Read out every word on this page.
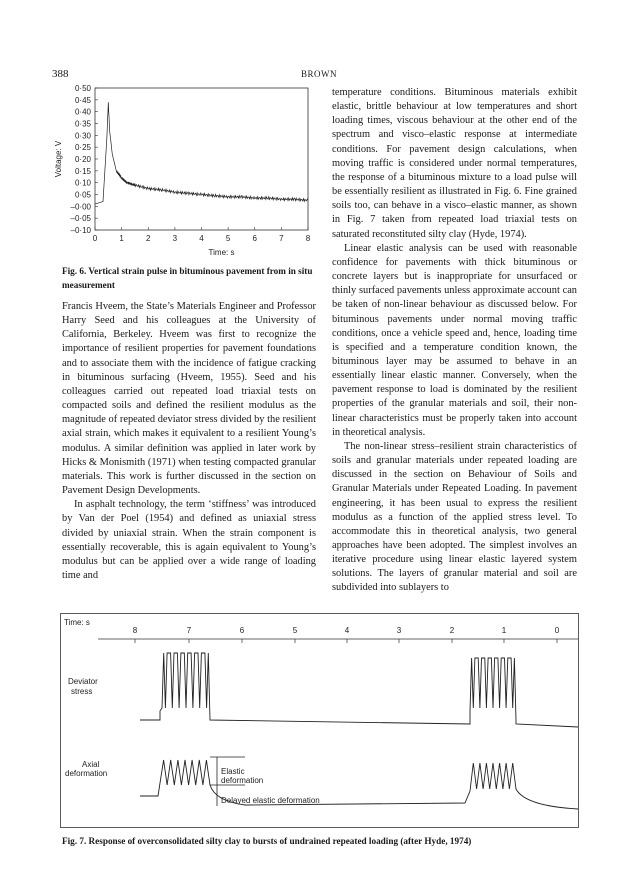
388	BROWN
0·50
0·45
0·40
0·35
0·30
0·25
0·20
0·15
0·10
0·05
–0·00
–0·05
–0·10
0	1	2	3	4	5	6	7	8
Time: s
Voltage: V
Fig. 6. Vertical strain pulse in bituminous pavement from in situ measurement

Francis Hveem, the State’s Materials Engineer and Professor Harry Seed and his colleagues at the University of California, Berkeley. Hveem was first to recognize the importance of resilient properties for pavement foundations and to associate them with the incidence of fatigue cracking in bituminous surfacing (Hveem, 1955). Seed and his colleagues carried out repeated load triaxial tests on compacted soils and defined the resilient modulus as the magnitude of repeated deviator stress divided by the resilient axial strain, which makes it equivalent to a resilient Young’s modulus. A similar definition was applied in later work by Hicks & Monismith (1971) when testing compacted granular materials. This work is further discussed in the section on Pavement Design Developments.

In asphalt technology, the term ‘stiffness’ was introduced by Van der Poel (1954) and defined as uniaxial stress divided by uniaxial strain. When the strain component is essentially recoverable, this is again equivalent to Young’s modulus but can be applied over a wide range of loading time and

temperature conditions. Bituminous materials exhibit elastic, brittle behaviour at low temperatures and short loading times, viscous behaviour at the other end of the spectrum and visco–elastic response at intermediate conditions. For pavement design calculations, when moving traffic is considered under normal temperatures, the response of a bituminous mixture to a load pulse will be essentially resilient as illustrated in Fig. 6. Fine grained soils too, can behave in a visco–elastic manner, as shown in Fig. 7 taken from repeated load triaxial tests on saturated reconstituted silty clay (Hyde, 1974).

Linear elastic analysis can be used with reasonable confidence for pavements with thick bituminous or concrete layers but is inappropriate for unsurfaced or thinly surfaced pavements unless approximate account can be taken of non-linear behaviour as discussed below. For bituminous pavements under normal moving traffic conditions, once a vehicle speed and, hence, loading time is specified and a temperature condition known, the bituminous layer may be assumed to behave in an essentially linear elastic manner. Conversely, when the pavement response to load is dominated by the resilient properties of the granular materials and soil, their non-linear characteristics must be properly taken into account in theoretical analysis.

The non-linear stress–resilient strain characteristics of soils and granular materials under repeated loading are discussed in the section on Behaviour of Soils and Granular Materials under Repeated Loading. In pavement engineering, it has been usual to express the resilient modulus as a function of the applied stress level. To accommodate this in theoretical analysis, two general approaches have been adopted. The simplest involves an iterative procedure using linear elastic layered system solutions. The layers of granular material and soil are subdivided into sublayers to

Time: s
8	7	6	5	4	3	2	1	0
Deviator
stress
Axial
deformation	Elastic
deformation
Delayed elastic deformation
Fig. 7. Response of overconsolidated silty clay to bursts of undrained repeated loading (after Hyde, 1974)
